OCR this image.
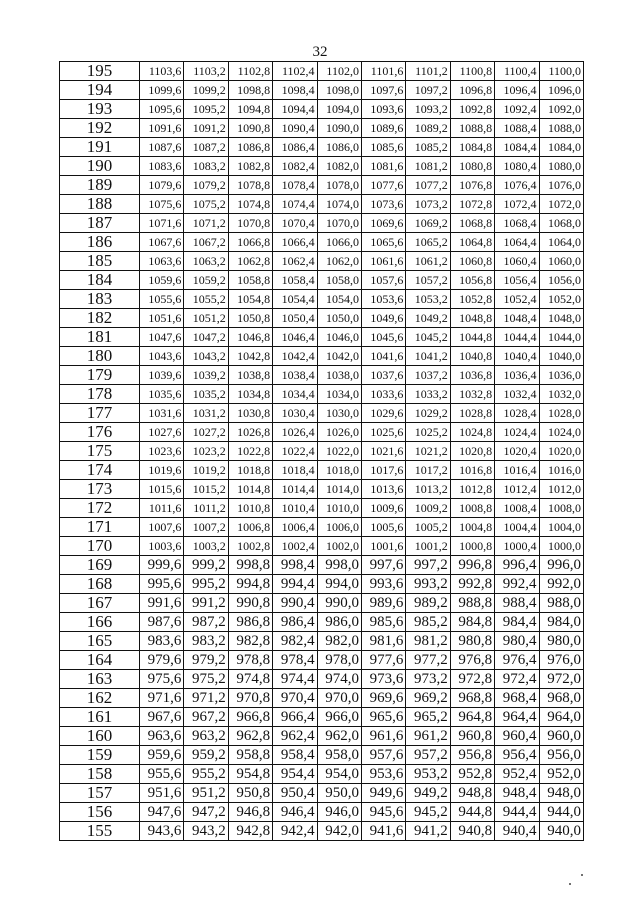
32
195	1103,6	1103,2	1102,8	1102,4	1102,0	1101,6	1101,2	1100,8	1100,4	1100,0
194	1099,6	1099,2	1098,8	1098,4	1098,0	1097,6	1097,2	1096,8	1096,4	1096,0
193	1095,6	1095,2	1094,8	1094,4	1094,0	1093,6	1093,2	1092,8	1092,4	1092,0
192	1091,6	1091,2	1090,8	1090,4	1090,0	1089,6	1089,2	1088,8	1088,4	1088,0
191	1087,6	1087,2	1086,8	1086,4	1086,0	1085,6	1085,2	1084,8	1084,4	1084,0
190	1083,6	1083,2	1082,8	1082,4	1082,0	1081,6	1081,2	1080,8	1080,4	1080,0
189	1079,6	1079,2	1078,8	1078,4	1078,0	1077,6	1077,2	1076,8	1076,4	1076,0
188	1075,6	1075,2	1074,8	1074,4	1074,0	1073,6	1073,2	1072,8	1072,4	1072,0
187	1071,6	1071,2	1070,8	1070,4	1070,0	1069,6	1069,2	1068,8	1068,4	1068,0
186	1067,6	1067,2	1066,8	1066,4	1066,0	1065,6	1065,2	1064,8	1064,4	1064,0
185	1063,6	1063,2	1062,8	1062,4	1062,0	1061,6	1061,2	1060,8	1060,4	1060,0
184	1059,6	1059,2	1058,8	1058,4	1058,0	1057,6	1057,2	1056,8	1056,4	1056,0
183	1055,6	1055,2	1054,8	1054,4	1054,0	1053,6	1053,2	1052,8	1052,4	1052,0
182	1051,6	1051,2	1050,8	1050,4	1050,0	1049,6	1049,2	1048,8	1048,4	1048,0
181	1047,6	1047,2	1046,8	1046,4	1046,0	1045,6	1045,2	1044,8	1044,4	1044,0
180	1043,6	1043,2	1042,8	1042,4	1042,0	1041,6	1041,2	1040,8	1040,4	1040,0
179	1039,6	1039,2	1038,8	1038,4	1038,0	1037,6	1037,2	1036,8	1036,4	1036,0
178	1035,6	1035,2	1034,8	1034,4	1034,0	1033,6	1033,2	1032,8	1032,4	1032,0
177	1031,6	1031,2	1030,8	1030,4	1030,0	1029,6	1029,2	1028,8	1028,4	1028,0
176	1027,6	1027,2	1026,8	1026,4	1026,0	1025,6	1025,2	1024,8	1024,4	1024,0
175	1023,6	1023,2	1022,8	1022,4	1022,0	1021,6	1021,2	1020,8	1020,4	1020,0
174	1019,6	1019,2	1018,8	1018,4	1018,0	1017,6	1017,2	1016,8	1016,4	1016,0
173	1015,6	1015,2	1014,8	1014,4	1014,0	1013,6	1013,2	1012,8	1012,4	1012,0
172	1011,6	1011,2	1010,8	1010,4	1010,0	1009,6	1009,2	1008,8	1008,4	1008,0
171	1007,6	1007,2	1006,8	1006,4	1006,0	1005,6	1005,2	1004,8	1004,4	1004,0
170	1003,6	1003,2	1002,8	1002,4	1002,0	1001,6	1001,2	1000,8	1000,4	1000,0
169	999,6	999,2	998,8	998,4	998,0	997,6	997,2	996,8	996,4	996,0
168	995,6	995,2	994,8	994,4	994,0	993,6	993,2	992,8	992,4	992,0
167	991,6	991,2	990,8	990,4	990,0	989,6	989,2	988,8	988,4	988,0
166	987,6	987,2	986,8	986,4	986,0	985,6	985,2	984,8	984,4	984,0
165	983,6	983,2	982,8	982,4	982,0	981,6	981,2	980,8	980,4	980,0
164	979,6	979,2	978,8	978,4	978,0	977,6	977,2	976,8	976,4	976,0
163	975,6	975,2	974,8	974,4	974,0	973,6	973,2	972,8	972,4	972,0
162	971,6	971,2	970,8	970,4	970,0	969,6	969,2	968,8	968,4	968,0
161	967,6	967,2	966,8	966,4	966,0	965,6	965,2	964,8	964,4	964,0
160	963,6	963,2	962,8	962,4	962,0	961,6	961,2	960,8	960,4	960,0
159	959,6	959,2	958,8	958,4	958,0	957,6	957,2	956,8	956,4	956,0
158	955,6	955,2	954,8	954,4	954,0	953,6	953,2	952,8	952,4	952,0
157	951,6	951,2	950,8	950,4	950,0	949,6	949,2	948,8	948,4	948,0
156	947,6	947,2	946,8	946,4	946,0	945,6	945,2	944,8	944,4	944,0
155	943,6	943,2	942,8	942,4	942,0	941,6	941,2	940,8	940,4	940,0
